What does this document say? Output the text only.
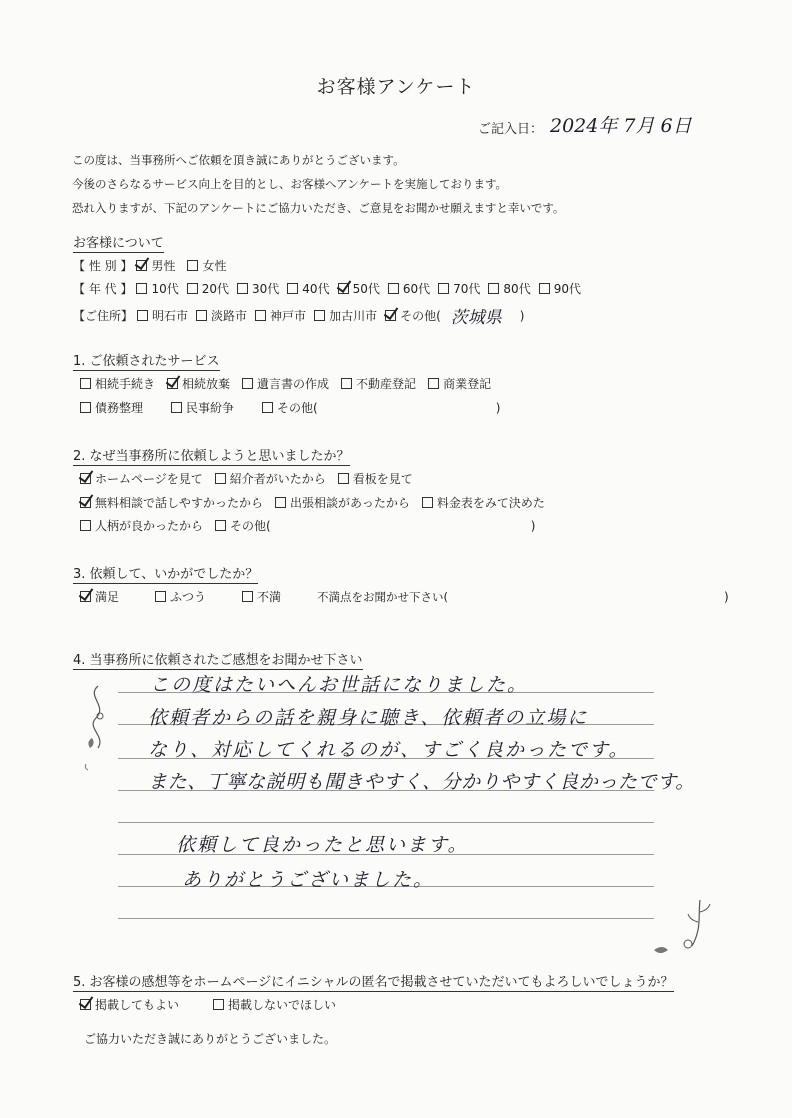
お客様アンケート
ご記入日： 2024年 7月 6日
この度は、当事務所へご依頼を頂き誠にありがとうございます。
今後のさらなるサービス向上を目的とし、お客様へアンケートを実施しております。
恐れ入りますが、下記のアンケートにご協力いただき、ご意見をお聞かせ願えますと幸いです。
お客様について
【 性 別 】 男性 女性
【 年 代 】 10代 20代 30代 40代 50代 60代 70代 80代 90代
【ご住所】 明石市 淡路市 神戸市 加古川市 その他( 茨城県 )
1. ご依頼されたサービス
相続手続き 相続放棄 遺言書の作成 不動産登記 商業登記
債務整理	民事紛争	その他(	)
2. なぜ当事務所に依頼しようと思いましたか？
ホームページを見て 紹介者がいたから 看板を見て
無料相談で話しやすかったから 出張相談があったから 料金表をみて決めた
人柄が良かったから その他(	)
3. 依頼して、いかがでしたか？
満足	ふつう	不満	不満点をお聞かせ下さい(	)
4. 当事務所に依頼されたご感想をお聞かせ下さい
この度はたいへんお世話になりました。
依頼者からの話を親身に聴き、依頼者の立場に
なり、対応してくれるのが、すごく良かったです。
また、丁寧な説明も聞きやすく、分かりやすく良かったです。
依頼して良かったと思います。
ありがとうございました。
5. お客様の感想等をホームページにイニシャルの匿名で掲載させていただいてもよろしいでしょうか？
掲載してもよい	掲載しないでほしい
ご協力いただき誠にありがとうございました。
